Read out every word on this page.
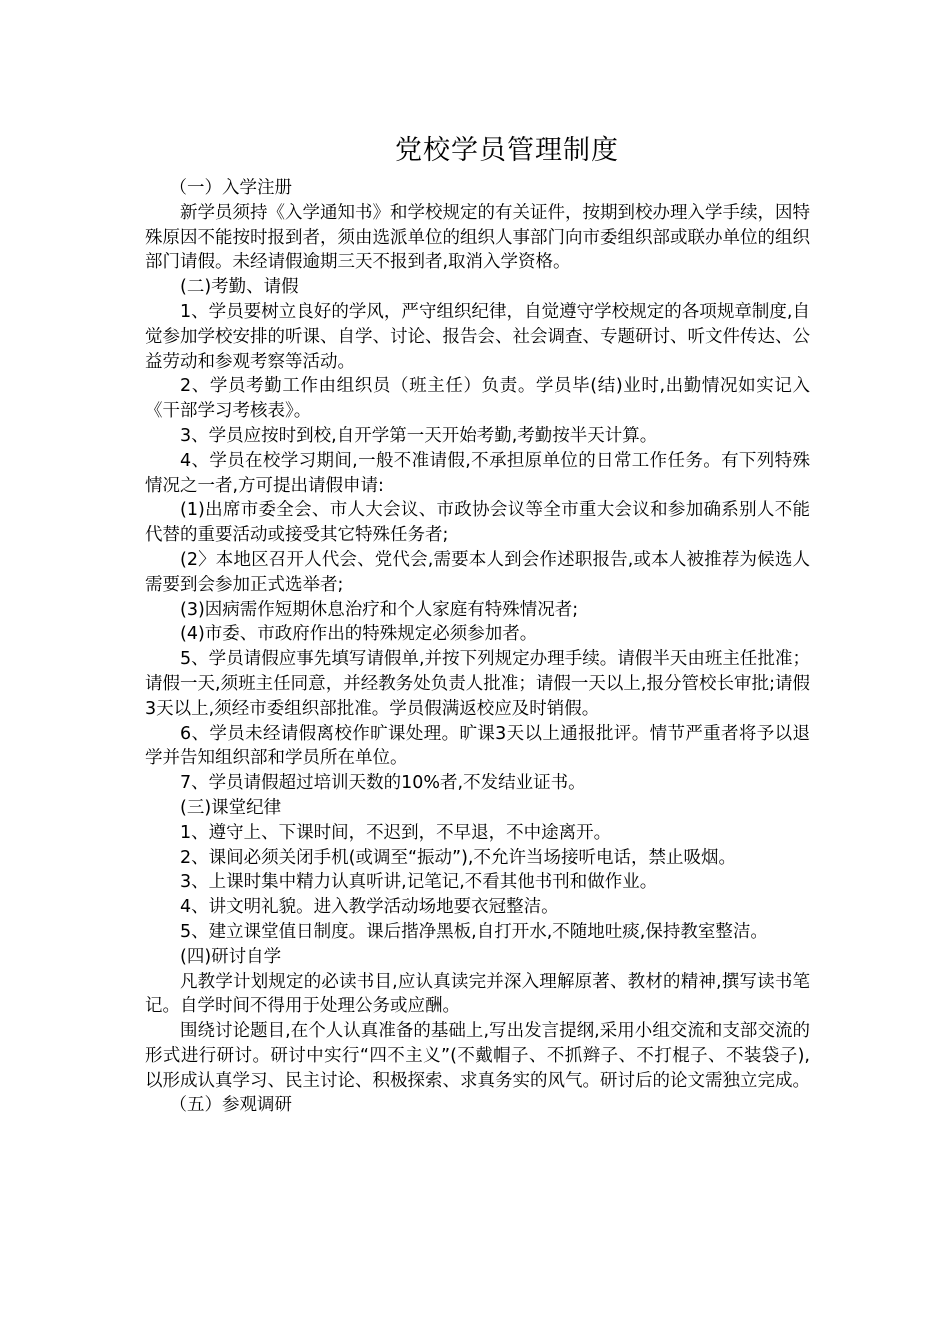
党校学员管理制度

（一）入学注册

新学员须持《入学通知书》和学校规定的有关证件，按期到校办理入学手续，因特殊原因不能按时报到者，须由选派单位的组织人事部门向市委组织部或联办单位的组织部门请假。未经请假逾期三天不报到者,取消入学资格。

(二)考勤、请假

1、学员要树立良好的学风，严守组织纪律，自觉遵守学校规定的各项规章制度,自觉参加学校安排的听课、自学、讨论、报告会、社会调查、专题研讨、听文件传达、公益劳动和参观考察等活动。

2、学员考勤工作由组织员（班主任）负责。学员毕(结)业时,出勤情况如实记入《干部学习考核表》。

3、学员应按时到校,自开学第一天开始考勤,考勤按半天计算。

4、学员在校学习期间,一般不准请假,不承担原单位的日常工作任务。有下列特殊情况之一者,方可提出请假申请:

(1)出席市委全会、市人大会议、市政协会议等全市重大会议和参加确系别人不能代替的重要活动或接受其它特殊任务者;

(2〉本地区召开人代会、党代会,需要本人到会作述职报告,或本人被推荐为候选人需要到会参加正式选举者;

(3)因病需作短期休息治疗和个人家庭有特殊情况者;

(4)市委、市政府作出的特殊规定必须参加者。

5、学员请假应事先填写请假单,并按下列规定办理手续。请假半天由班主任批准；请假一天,须班主任同意，并经教务处负责人批准；请假一天以上,报分管校长审批;请假3天以上,须经市委组织部批准。学员假满返校应及时销假。

6、学员未经请假离校作旷课处理。旷课3天以上通报批评。情节严重者将予以退学并告知组织部和学员所在单位。

7、学员请假超过培训天数的10%者,不发结业证书。

(三)课堂纪律

1、遵守上、下课时间，不迟到，不早退，不中途离开。

2、课间必须关闭手机(或调至“振动”),不允许当场接听电话，禁止吸烟。

3、上课时集中精力认真听讲,记笔记,不看其他书刊和做作业。

4、讲文明礼貌。进入教学活动场地要衣冠整洁。

5、建立课堂值日制度。课后揩净黑板,自打开水,不随地吐痰,保持教室整洁。

(四)研讨自学

凡教学计划规定的必读书目,应认真读完并深入理解原著、教材的精神,撰写读书笔记。自学时间不得用于处理公务或应酬。

围绕讨论题目,在个人认真准备的基础上,写出发言提纲,采用小组交流和支部交流的形式进行研讨。研讨中实行“四不主义”(不戴帽子、不抓辫子、不打棍子、不装袋子),以形成认真学习、民主讨论、积极探索、求真务实的风气。研讨后的论文需独立完成。

（五）参观调研
